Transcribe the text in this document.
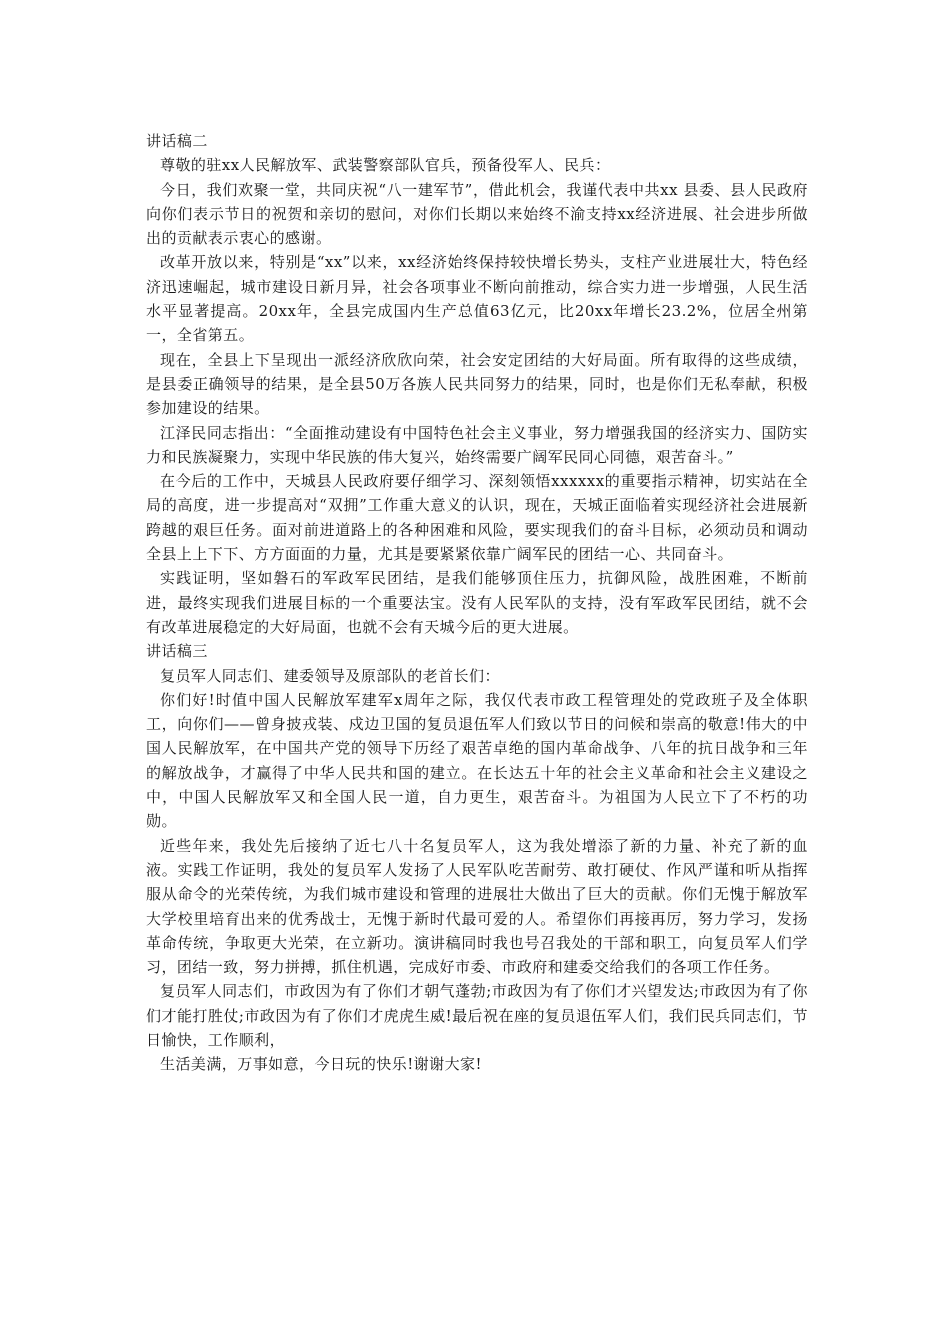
讲话稿二

尊敬的驻xx人民解放军、武装警察部队官兵，预备役军人、民兵：

今日，我们欢聚一堂，共同庆祝“八一建军节”，借此机会，我谨代表中共xx 县委、县人民政府向你们表示节日的祝贺和亲切的慰问，对你们长期以来始终不渝支持xx经济进展、社会进步所做出的贡献表示衷心的感谢。

改革开放以来，特别是“xx”以来，xx经济始终保持较快增长势头，支柱产业进展壮大，特色经济迅速崛起，城市建设日新月异，社会各项事业不断向前推动，综合实力进一步增强，人民生活水平显著提高。20xx年，全县完成国内生产总值63亿元，比20xx年增长23.2%，位居全州第一，全省第五。

现在，全县上下呈现出一派经济欣欣向荣，社会安定团结的大好局面。所有取得的这些成绩，是县委正确领导的结果，是全县50万各族人民共同努力的结果，同时，也是你们无私奉献，积极参加建设的结果。

江泽民同志指出：“全面推动建设有中国特色社会主义事业，努力增强我国的经济实力、国防实力和民族凝聚力，实现中华民族的伟大复兴，始终需要广阔军民同心同德，艰苦奋斗。”

在今后的工作中，天城县人民政府要仔细学习、深刻领悟xxxxxx的重要指示精神，切实站在全局的高度，进一步提高对“双拥”工作重大意义的认识，现在，天城正面临着实现经济社会进展新跨越的艰巨任务。面对前进道路上的各种困难和风险，要实现我们的奋斗目标，必须动员和调动全县上上下下、方方面面的力量，尤其是要紧紧依靠广阔军民的团结一心、共同奋斗。

实践证明，坚如磐石的军政军民团结，是我们能够顶住压力，抗御风险，战胜困难，不断前进，最终实现我们进展目标的一个重要法宝。没有人民军队的支持，没有军政军民团结，就不会有改革进展稳定的大好局面，也就不会有天城今后的更大进展。

讲话稿三

复员军人同志们、建委领导及原部队的老首长们：

你们好!时值中国人民解放军建军x周年之际，我仅代表市政工程管理处的党政班子及全体职工，向你们——曾身披戎装、戍边卫国的复员退伍军人们致以节日的问候和崇高的敬意!伟大的中国人民解放军，在中国共产党的领导下历经了艰苦卓绝的国内革命战争、八年的抗日战争和三年的解放战争，才赢得了中华人民共和国的建立。在长达五十年的社会主义革命和社会主义建设之中，中国人民解放军又和全国人民一道，自力更生，艰苦奋斗。为祖国为人民立下了不朽的功勋。

近些年来，我处先后接纳了近七八十名复员军人，这为我处增添了新的力量、补充了新的血液。实践工作证明，我处的复员军人发扬了人民军队吃苦耐劳、敢打硬仗、作风严谨和听从指挥服从命令的光荣传统，为我们城市建设和管理的进展壮大做出了巨大的贡献。你们无愧于解放军大学校里培育出来的优秀战士，无愧于新时代最可爱的人。希望你们再接再厉，努力学习，发扬革命传统，争取更大光荣，在立新功。演讲稿同时我也号召我处的干部和职工，向复员军人们学习，团结一致，努力拼搏，抓住机遇，完成好市委、市政府和建委交给我们的各项工作任务。

复员军人同志们，市政因为有了你们才朝气蓬勃;市政因为有了你们才兴望发达;市政因为有了你们才能打胜仗;市政因为有了你们才虎虎生威!最后祝在座的复员退伍军人们，我们民兵同志们，节日愉快，工作顺利，

生活美满，万事如意，今日玩的快乐!谢谢大家!
